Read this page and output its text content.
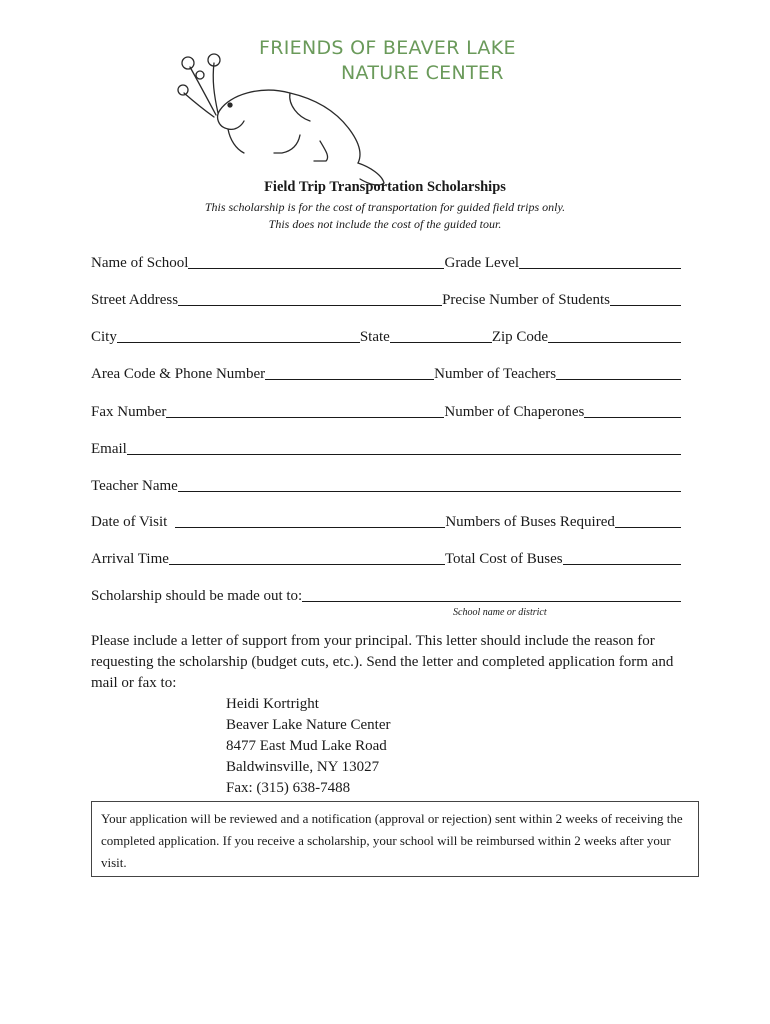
FRIENDS OF BEAVER LAKE
NATURE CENTER
Field Trip Transportation Scholarships
This scholarship is for the cost of transportation for guided field trips only.
This does not include the cost of the guided tour.
Name of School	Grade Level
Street Address	Precise Number of Students
City	State	Zip Code
Area Code & Phone Number	Number of Teachers
Fax Number	Number of Chaperones
Email
Teacher Name
Date of Visit	Numbers of Buses Required
Arrival Time	Total Cost of Buses
Scholarship should be made out to:
School name or district
Please include a letter of support from your principal. This letter should include the reason for requesting the scholarship (budget cuts, etc.). Send the letter and completed application form and mail or fax to:
Heidi Kortright
Beaver Lake Nature Center
8477 East Mud Lake Road
Baldwinsville, NY 13027
Fax: (315) 638-7488
Your application will be reviewed and a notification (approval or rejection) sent within 2 weeks of receiving the completed application. If you receive a scholarship, your school will be reimbursed within 2 weeks after your visit.
